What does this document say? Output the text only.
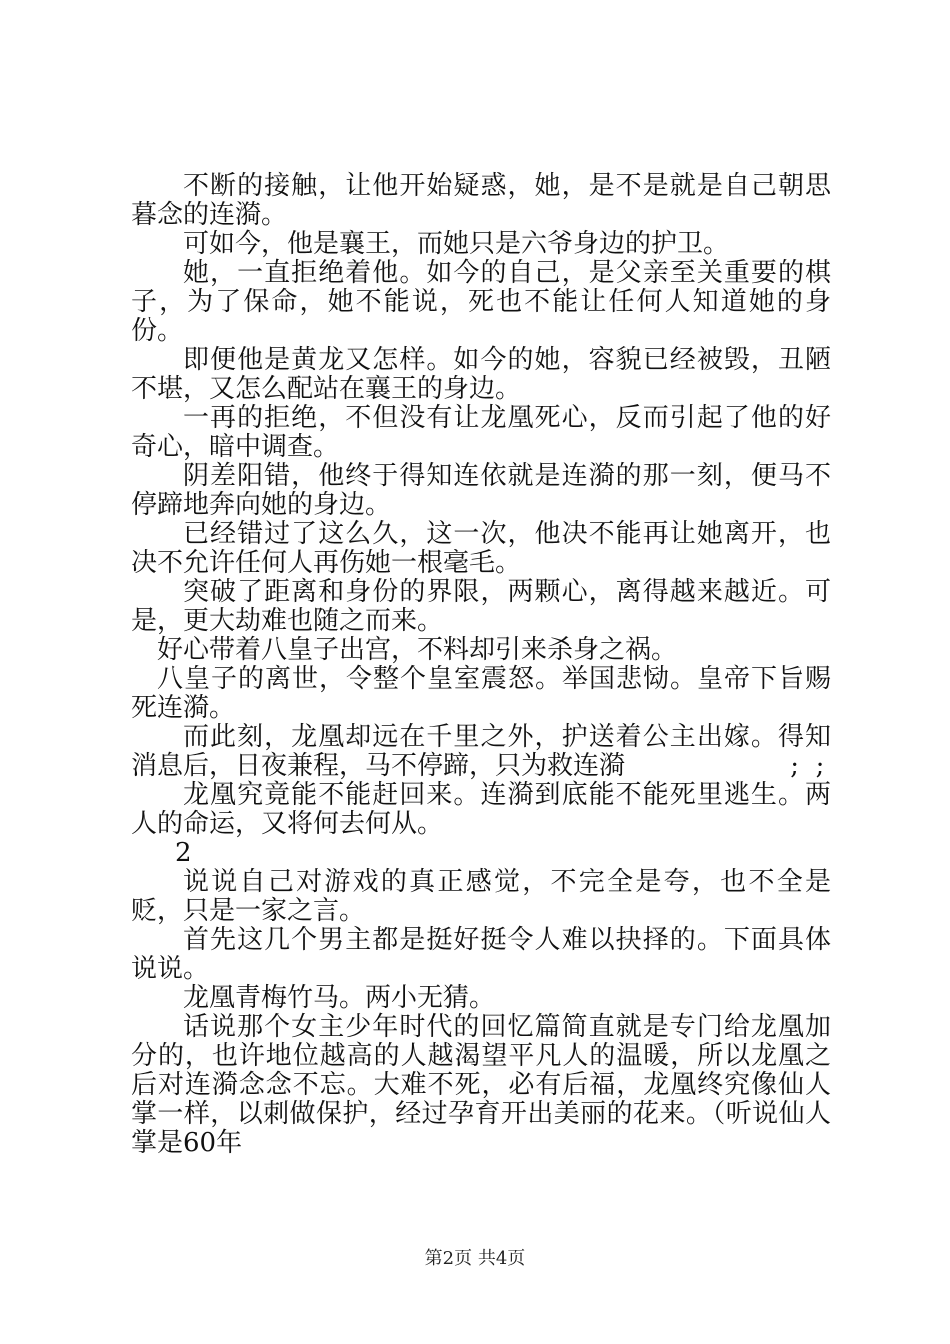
不断的接触，让他开始疑惑，她，是不是就是自己朝思暮念的连漪。

可如今，他是襄王，而她只是六爷身边的护卫。

她，一直拒绝着他。如今的自己，是父亲至关重要的棋子，为了保命，她不能说，死也不能让任何人知道她的身份。

即便他是黄龙又怎样。如今的她，容貌已经被毁，丑陋不堪，又怎么配站在襄王的身边。

一再的拒绝，不但没有让龙凰死心，反而引起了他的好奇心，暗中调查。

阴差阳错，他终于得知连依就是连漪的那一刻，便马不停蹄地奔向她的身边。

已经错过了这么久，这一次，他决不能再让她离开，也决不允许任何人再伤她一根毫毛。

突破了距离和身份的界限，两颗心，离得越来越近。可是，更大劫难也随之而来。

好心带着八皇子出宫，不料却引来杀身之祸。

八皇子的离世，令整个皇室震怒。举国悲恸。皇帝下旨赐死连漪。

而此刻，龙凰却远在千里之外，护送着公主出嫁。得知消息后，日夜兼程，马不停蹄，只为救连漪                    ;  ;

龙凰究竟能不能赶回来。连漪到底能不能死里逃生。两人的命运，又将何去何从。

2

说说自己对游戏的真正感觉，不完全是夸，也不全是贬，只是一家之言。

首先这几个男主都是挺好挺令人难以抉择的。下面具体说说。

龙凰青梅竹马。两小无猜。

话说那个女主少年时代的回忆篇简直就是专门给龙凰加分的，也许地位越高的人越渴望平凡人的温暖，所以龙凰之后对连漪念念不忘。大难不死，必有后福，龙凰终究像仙人掌一样，以刺做保护，经过孕育开出美丽的花来。（听说仙人掌是60年

第2页 共4页
